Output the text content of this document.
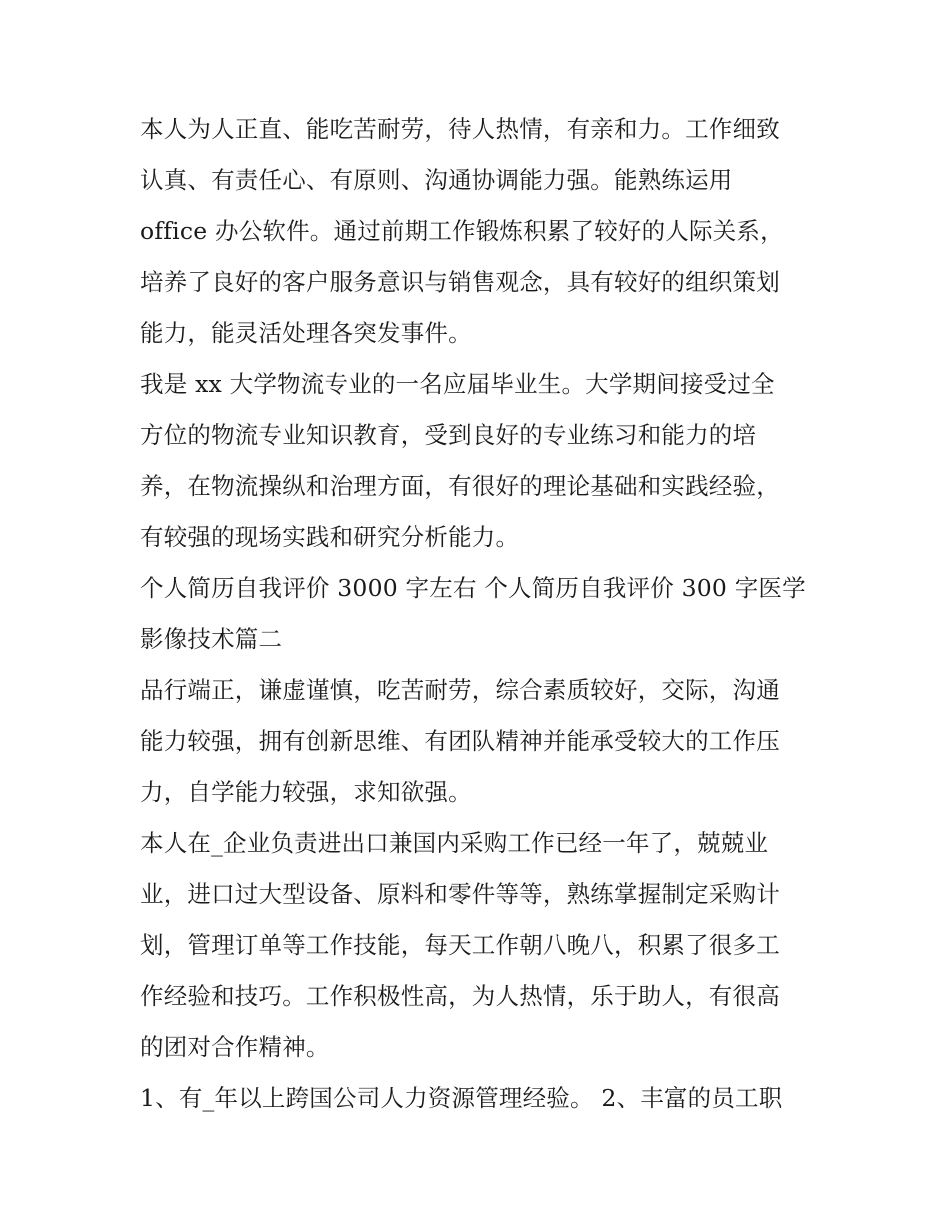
本人为人正直、能吃苦耐劳，待人热情，有亲和力。工作细致
认真、有责任心、有原则、沟通协调能力强。能熟练运用
office 办公软件。通过前期工作锻炼积累了较好的人际关系，
培养了良好的客户服务意识与销售观念，具有较好的组织策划
能力，能灵活处理各突发事件。
我是 xx 大学物流专业的一名应届毕业生。大学期间接受过全
方位的物流专业知识教育，受到良好的专业练习和能力的培
养，在物流操纵和治理方面，有很好的理论基础和实践经验，
有较强的现场实践和研究分析能力。
个人简历自我评价 3000 字左右 个人简历自我评价 300 字医学
影像技术篇二
品行端正，谦虚谨慎，吃苦耐劳，综合素质较好，交际，沟通
能力较强，拥有创新思维、有团队精神并能承受较大的工作压
力，自学能力较强，求知欲强。
本人在_企业负责进出口兼国内采购工作已经一年了，兢兢业
业，进口过大型设备、原料和零件等等，熟练掌握制定采购计
划，管理订单等工作技能，每天工作朝八晚八，积累了很多工
作经验和技巧。工作积极性高，为人热情，乐于助人，有很高
的团对合作精神。
1、有_年以上跨国公司人力资源管理经验。 2、丰富的员工职
